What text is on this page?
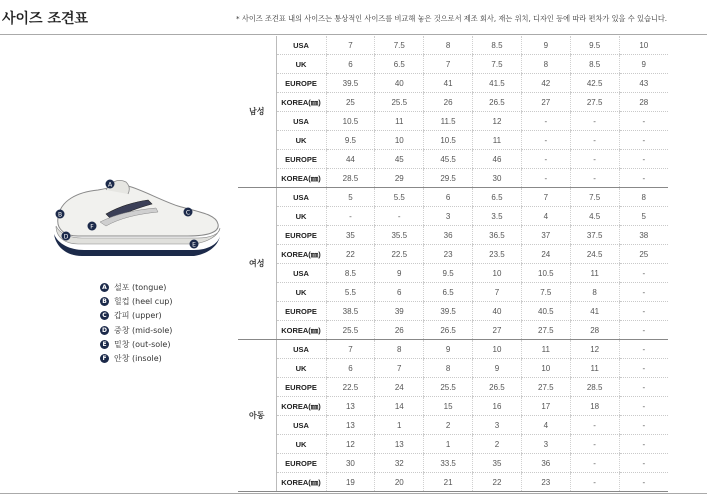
사이즈 조견표	* 사이즈 조견표 내의 사이즈는 통상적인 사이즈를 비교해 놓은 것으로서 제조 회사, 재는 위치, 디자인 등에 따라 편차가 있을 수 있습니다.
A
B	C
D
E
F
A 설포 (tongue)
B 힐컵 (heel cup)
C 갑피 (upper)
D 중창 (mid-sole)
E 밑창 (out-sole)
F 안창 (insole)
남성	USA	7	7.5	8	8.5	9	9.5	10
	UK	6	6.5	7	7.5	8	8.5	9
	EUROPE	39.5	40	41	41.5	42	42.5	43
	KOREA(㎜)	25	25.5	26	26.5	27	27.5	28
	USA	10.5	11	11.5	12	-	-	-
	UK	9.5	10	10.5	11	-	-	-
	EUROPE	44	45	45.5	46	-	-	-
	KOREA(㎜)	28.5	29	29.5	30	-	-	-
여성	USA	5	5.5	6	6.5	7	7.5	8
	UK	-	-	3	3.5	4	4.5	5
	EUROPE	35	35.5	36	36.5	37	37.5	38
	KOREA(㎜)	22	22.5	23	23.5	24	24.5	25
	USA	8.5	9	9.5	10	10.5	11	-
	UK	5.5	6	6.5	7	7.5	8	-
	EUROPE	38.5	39	39.5	40	40.5	41	-
	KOREA(㎜)	25.5	26	26.5	27	27.5	28	-
아동	USA	7	8	9	10	11	12	-
	UK	6	7	8	9	10	11	-
	EUROPE	22.5	24	25.5	26.5	27.5	28.5	-
	KOREA(㎜)	13	14	15	16	17	18	-
	USA	13	1	2	3	4	-	-
	UK	12	13	1	2	3	-	-
	EUROPE	30	32	33.5	35	36	-	-
	KOREA(㎜)	19	20	21	22	23	-	-
